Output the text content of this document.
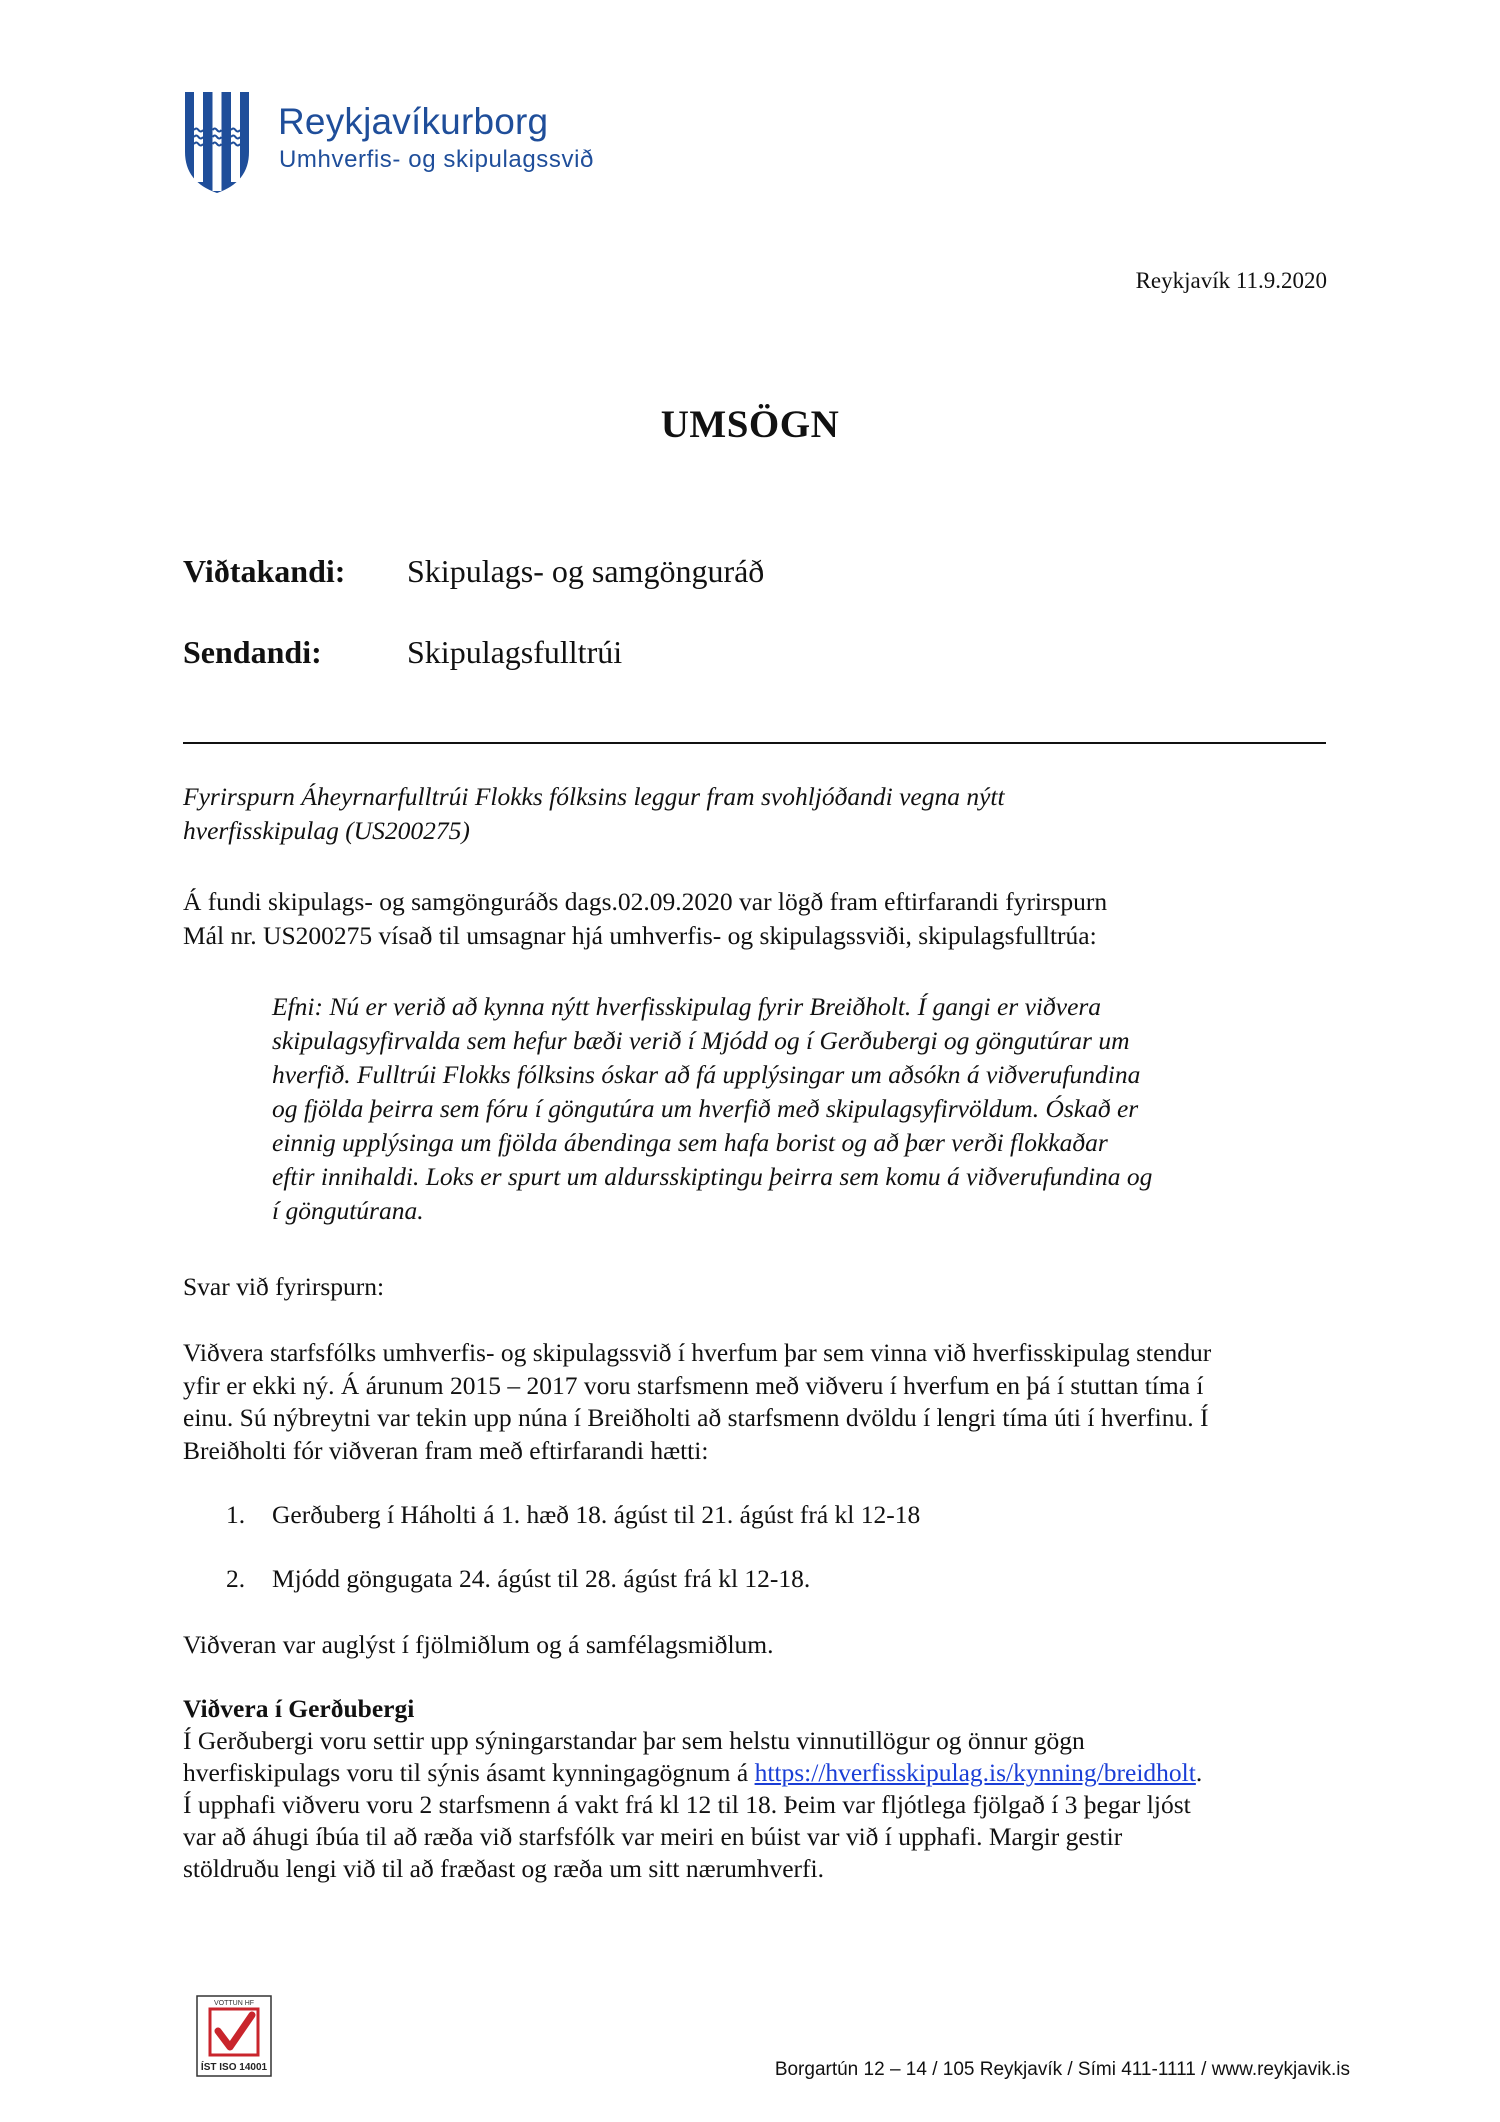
Reykjavíkurborg
Umhverfis- og skipulagssvið
Reykjavík 11.9.2020
UMSÖGN
Viðtakandi: Skipulags- og samgönguráð
Sendandi:	Skipulagsfulltrúi
Fyrirspurn Áheyrnarfulltrúi Flokks fólksins leggur fram svohljóðandi vegna nýtt
hverfisskipulag (US200275)
Á fundi skipulags- og samgönguráðs dags.02.09.2020 var lögð fram eftirfarandi fyrirspurn
Mál nr. US200275 vísað til umsagnar hjá umhverfis- og skipulagssviði, skipulagsfulltrúa:
Efni: Nú er verið að kynna nýtt hverfisskipulag fyrir Breiðholt. Í gangi er viðvera
skipulagsyfirvalda sem hefur bæði verið í Mjódd og í Gerðubergi og göngutúrar um
hverfið. Fulltrúi Flokks fólksins óskar að fá upplýsingar um aðsókn á viðverufundina
og fjölda þeirra sem fóru í göngutúra um hverfið með skipulagsyfirvöldum. Óskað er
einnig upplýsinga um fjölda ábendinga sem hafa borist og að þær verði flokkaðar
eftir innihaldi. Loks er spurt um aldursskiptingu þeirra sem komu á viðverufundina og
í göngutúrana.
Svar við fyrirspurn:
Viðvera starfsfólks umhverfis- og skipulagssvið í hverfum þar sem vinna við hverfisskipulag stendur
yfir er ekki ný. Á árunum 2015 – 2017 voru starfsmenn með viðveru í hverfum en þá í stuttan tíma í
einu. Sú nýbreytni var tekin upp núna í Breiðholti að starfsmenn dvöldu í lengri tíma úti í hverfinu. Í
Breiðholti fór viðveran fram með eftirfarandi hætti:
1. Gerðuberg í Háholti á 1. hæð 18. ágúst til 21. ágúst frá kl 12-18
2. Mjódd göngugata 24. ágúst til 28. ágúst frá kl 12-18.
Viðveran var auglýst í fjölmiðlum og á samfélagsmiðlum.
Viðvera í Gerðubergi
Í Gerðubergi voru settir upp sýningarstandar þar sem helstu vinnutillögur og önnur gögn
hverfiskipulags voru til sýnis ásamt kynningagögnum á https://hverfisskipulag.is/kynning/breidholt.
Í upphafi viðveru voru 2 starfsmenn á vakt frá kl 12 til 18. Þeim var fljótlega fjölgað í 3 þegar ljóst
var að áhugi íbúa til að ræða við starfsfólk var meiri en búist var við í upphafi. Margir gestir
stöldruðu lengi við til að fræðast og ræða um sitt nærumhverfi.
VOTTUN HF
ÍST ISO 14001	Borgartún 12 – 14 / 105 Reykjavík / Sími 411-1111 / www.reykjavik.is
